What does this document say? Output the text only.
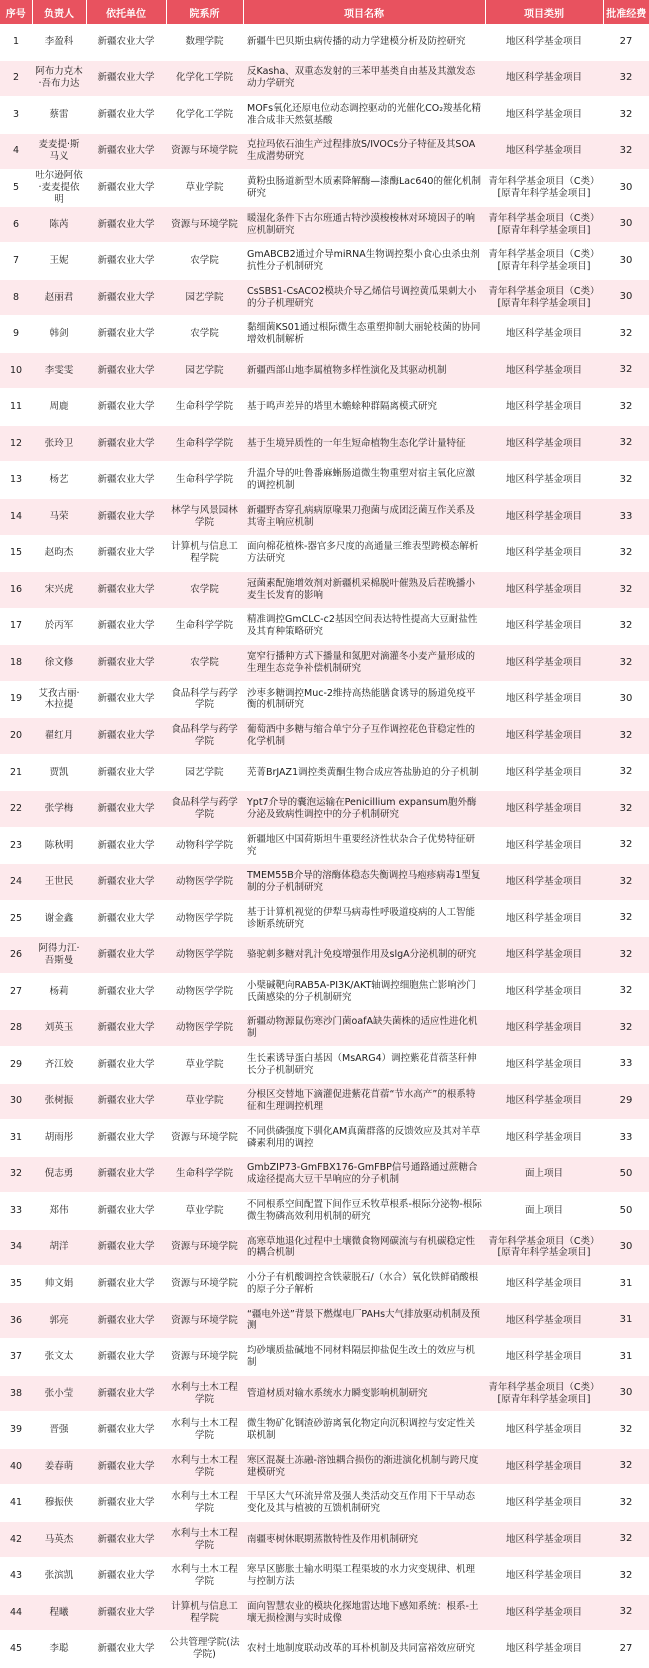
序号	负责人	依托单位	院系所	项目名称	项目类别	批准经费
1	李盈科	新疆农业大学	数理学院	新疆牛巴贝斯虫病传播的动力学建模分析及防控研究	地区科学基金项目	27
2	阿布力克木·吾布力达	新疆农业大学	化学化工学院	反Kasha、双重态发射的三苯甲基类自由基及其激发态动力学研究	地区科学基金项目	32
3	蔡雷	新疆农业大学	化学化工学院	MOFs氧化还原电位动态调控驱动的光催化CO₂羧基化精准合成非天然氨基酸	地区科学基金项目	32
4	麦麦提·斯马义	新疆农业大学	资源与环境学院	克拉玛依石油生产过程排放S/IVOCs分子特征及其SOA生成潜势研究	地区科学基金项目	32
5	吐尔逊阿依·麦麦提依明	新疆农业大学	草业学院	黄粉虫肠道新型木质素降解酶—漆酶Lac640的催化机制研究	青年科学基金项目（C类）[原青年科学基金项目]	30
6	陈芮	新疆农业大学	资源与环境学院	暖湿化条件下古尔班通古特沙漠梭梭林对环境因子的响应机制研究	青年科学基金项目（C类）[原青年科学基金项目]	30
7	王妮	新疆农业大学	农学院	GmABCB2通过介导miRNA生物调控梨小食心虫杀虫剂抗性分子机制研究	青年科学基金项目（C类）[原青年科学基金项目]	30
8	赵丽君	新疆农业大学	园艺学院	CsSBS1-CsACO2模块介导乙烯信号调控黄瓜果刺大小的分子机理研究	青年科学基金项目（C类）[原青年科学基金项目]	30
9	韩剑	新疆农业大学	农学院	黏细菌KS01通过根际微生态重塑抑制大丽轮枝菌的协同增效机制解析	地区科学基金项目	32
10	李雯雯	新疆农业大学	园艺学院	新疆西部山地李属植物多样性演化及其驱动机制	地区科学基金项目	32
11	周鹿	新疆农业大学	生命科学学院	基于鸣声差异的塔里木蟾蜍种群隔离模式研究	地区科学基金项目	32
12	张玲卫	新疆农业大学	生命科学学院	基于生境异质性的一年生短命植物生态化学计量特征	地区科学基金项目	32
13	杨艺	新疆农业大学	生命科学学院	升温介导的吐鲁番麻蜥肠道微生物重塑对宿主氧化应激的调控机制	地区科学基金项目	32
14	马荣	新疆农业大学	林学与风景园林学院	新疆野杏穿孔病病原喙果刀孢菌与成团泛菌互作关系及其寄主响应机制	地区科学基金项目	33
15	赵昀杰	新疆农业大学	计算机与信息工程学院	面向棉花植株-器官多尺度的高通量三维表型跨模态解析方法研究	地区科学基金项目	32
16	宋兴虎	新疆农业大学	农学院	冠菌素配施增效剂对新疆机采棉脱叶催熟及后茬晚播小麦生长发育的影响	地区科学基金项目	32
17	於丙军	新疆农业大学	生命科学学院	精准调控GmCLC-c2基因空间表达特性提高大豆耐盐性及其育种策略研究	地区科学基金项目	32
18	徐文修	新疆农业大学	农学院	宽窄行播种方式下播量和氮肥对滴灌冬小麦产量形成的生理生态竞争补偿机制研究	地区科学基金项目	32
19	艾孜古丽·木拉提	新疆农业大学	食品科学与药学学院	沙枣多糖调控Muc-2维持高热能膳食诱导的肠道免疫平衡的机制研究	地区科学基金项目	30
20	翟红月	新疆农业大学	食品科学与药学学院	葡萄酒中多糖与缩合单宁分子互作调控花色苷稳定性的化学机制	地区科学基金项目	32
21	贾凯	新疆农业大学	园艺学院	芜菁BrJAZ1调控类黄酮生物合成应答盐胁迫的分子机制	地区科学基金项目	32
22	张学梅	新疆农业大学	食品科学与药学学院	Ypt7介导的囊泡运输在Penicillium expansum胞外酶分泌及致病性调控中的分子机制研究	地区科学基金项目	32
23	陈秋明	新疆农业大学	动物科学学院	新疆地区中国荷斯坦牛重要经济性状杂合子优势特征研究	地区科学基金项目	32
24	王世民	新疆农业大学	动物医学学院	TMEM55B介导的溶酶体稳态失衡调控马疱疹病毒1型复制的分子机制研究	地区科学基金项目	32
25	谢金鑫	新疆农业大学	动物医学学院	基于计算机视觉的伊犁马病毒性呼吸道疫病的人工智能诊断系统研究	地区科学基金项目	32
26	阿得力江·吾斯曼	新疆农业大学	动物医学学院	骆驼刺多糖对乳汁免疫增强作用及slgA分泌机制的研究	地区科学基金项目	32
27	杨莉	新疆农业大学	动物医学学院	小檗碱靶向RAB5A-PI3K/AKT轴调控细胞焦亡影响沙门氏菌感染的分子机制研究	地区科学基金项目	32
28	刘英玉	新疆农业大学	动物医学学院	新疆动物源鼠伤寒沙门菌oafA缺失菌株的适应性进化机制	地区科学基金项目	32
29	齐江姣	新疆农业大学	草业学院	生长素诱导蛋白基因（MsARG4）调控紫花苜蓿茎秆伸长分子机制研究	地区科学基金项目	33
30	张树振	新疆农业大学	草业学院	分根区交替地下滴灌促进紫花苜蓿“节水高产”的根系特征和生理调控机理	地区科学基金项目	29
31	胡雨彤	新疆农业大学	资源与环境学院	不同供磷强度下驯化AM真菌群落的反馈效应及其对羊草磷素利用的调控	地区科学基金项目	33
32	倪志勇	新疆农业大学	生命科学学院	GmbZIP73-GmFBX176-GmFBP信号通路通过蔗糖合成途径提高大豆干旱响应的分子机制	面上项目	50
33	郑伟	新疆农业大学	草业学院	不同根系空间配置下间作豆禾牧草根系-根际分泌物-根际微生物磷高效利用机制的研究	面上项目	50
34	胡洋	新疆农业大学	资源与环境学院	高寒草地退化过程中土壤微食物网碳流与有机碳稳定性的耦合机制	青年科学基金项目（C类）[原青年科学基金项目]	30
35	帅文娟	新疆农业大学	资源与环境学院	小分子有机酸调控含铁蒙脱石/（水合）氧化铁鲜硝酸根的原子分子解析	地区科学基金项目	31
36	郭亮	新疆农业大学	资源与环境学院	“疆电外送”背景下燃煤电厂PAHs大气排放驱动机制及预测	地区科学基金项目	31
37	张文太	新疆农业大学	资源与环境学院	均砂壤质盐碱地不同材料隔层抑盐促生改土的效应与机制	地区科学基金项目	31
38	张小莹	新疆农业大学	水利与土木工程学院	管道材质对输水系统水力瞬变影响机制研究	青年科学基金项目（C类）[原青年科学基金项目]	30
39	晋强	新疆农业大学	水利与土木工程学院	微生物矿化钢渣砂游离氧化物定向沉积调控与安定性关联机制	地区科学基金项目	32
40	姜春萌	新疆农业大学	水利与土木工程学院	寒区混凝土冻融-溶蚀耦合损伤的渐进演化机制与跨尺度建模研究	地区科学基金项目	32
41	穆振侠	新疆农业大学	水利与土木工程学院	干旱区大气环流异常及强人类活动交互作用下干旱动态变化及其与植被的互馈机制研究	地区科学基金项目	32
42	马英杰	新疆农业大学	水利与土木工程学院	南疆枣树休眠期蒸散特性及作用机制研究	地区科学基金项目	32
43	张滨凯	新疆农业大学	水利与土木工程学院	寒旱区膨胀土输水明渠工程渠坡的水力灾变规律、机理与控制方法	地区科学基金项目	32
44	程曦	新疆农业大学	计算机与信息工程学院	面向智慧农业的模块化探地雷达地下感知系统：根系-土壤无损检测与实时成像	地区科学基金项目	32
45	李聪	新疆农业大学	公共管理学院(法学院)	农村土地制度联动改革的耳朴机制及共同富裕效应研究	地区科学基金项目	27
